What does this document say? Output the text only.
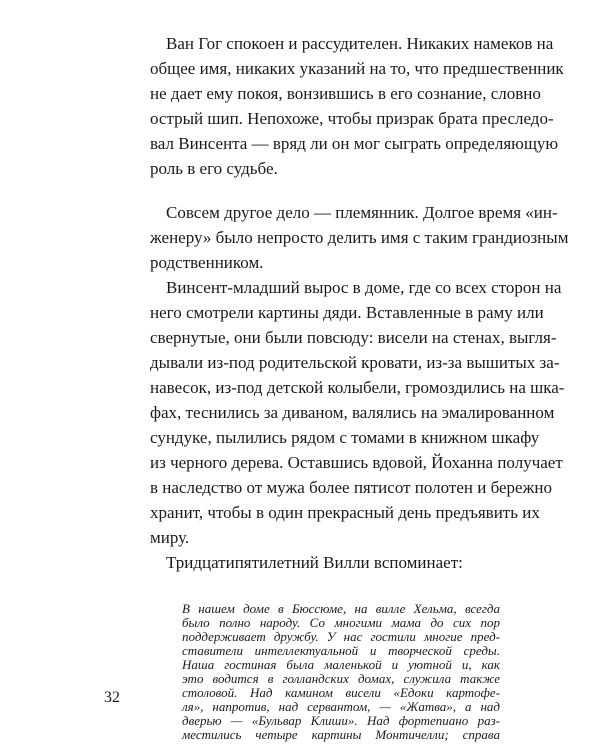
Ван Гог спокоен и рассудителен. Никаких намеков на
общее имя, никаких указаний на то, что предшественник
не дает ему покоя, вонзившись в его сознание, словно
острый шип. Непохоже, чтобы призрак брата преследо-
вал Винсента — вряд ли он мог сыграть определяющую
роль в его судьбе.
Совсем другое дело — племянник. Долгое время «ин-
женеру» было непросто делить имя с таким грандиозным
родственником.
Винсент-младший вырос в доме, где со всех сторон на
него смотрели картины дяди. Вставленные в раму или
свернутые, они были повсюду: висели на стенах, выгля-
дывали из-под родительской кровати, из-за вышитых за-
навесок, из-под детской колыбели, громоздились на шка-
фах, теснились за диваном, валялись на эмалированном
сундуке, пылились рядом с томами в книжном шкафу
из черного дерева. Оставшись вдовой, Йоханна получает
в наследство от мужа более пятисот полотен и бережно
хранит, чтобы в один прекрасный день предъявить их
миру.
Тридцатипятилетний Вилли вспоминает:
В нашем доме в Бюссюме, на вилле Хельма, всегда
было полно народу. Со многими мама до сих пор
поддерживает дружбу. У нас гостили многие пред-
ставители интеллектуальной и творческой среды.
Наша гостиная была маленькой и уютной и, как
это водится в голландских домах, служила также
столовой. Над камином висели «Едоки картофе-
ля», напротив, над сервантом, — «Жатва», а над
дверью — «Бульвар Клиши». Над фортепиано раз-
местились четыре картины Монтичелли; справа
32
